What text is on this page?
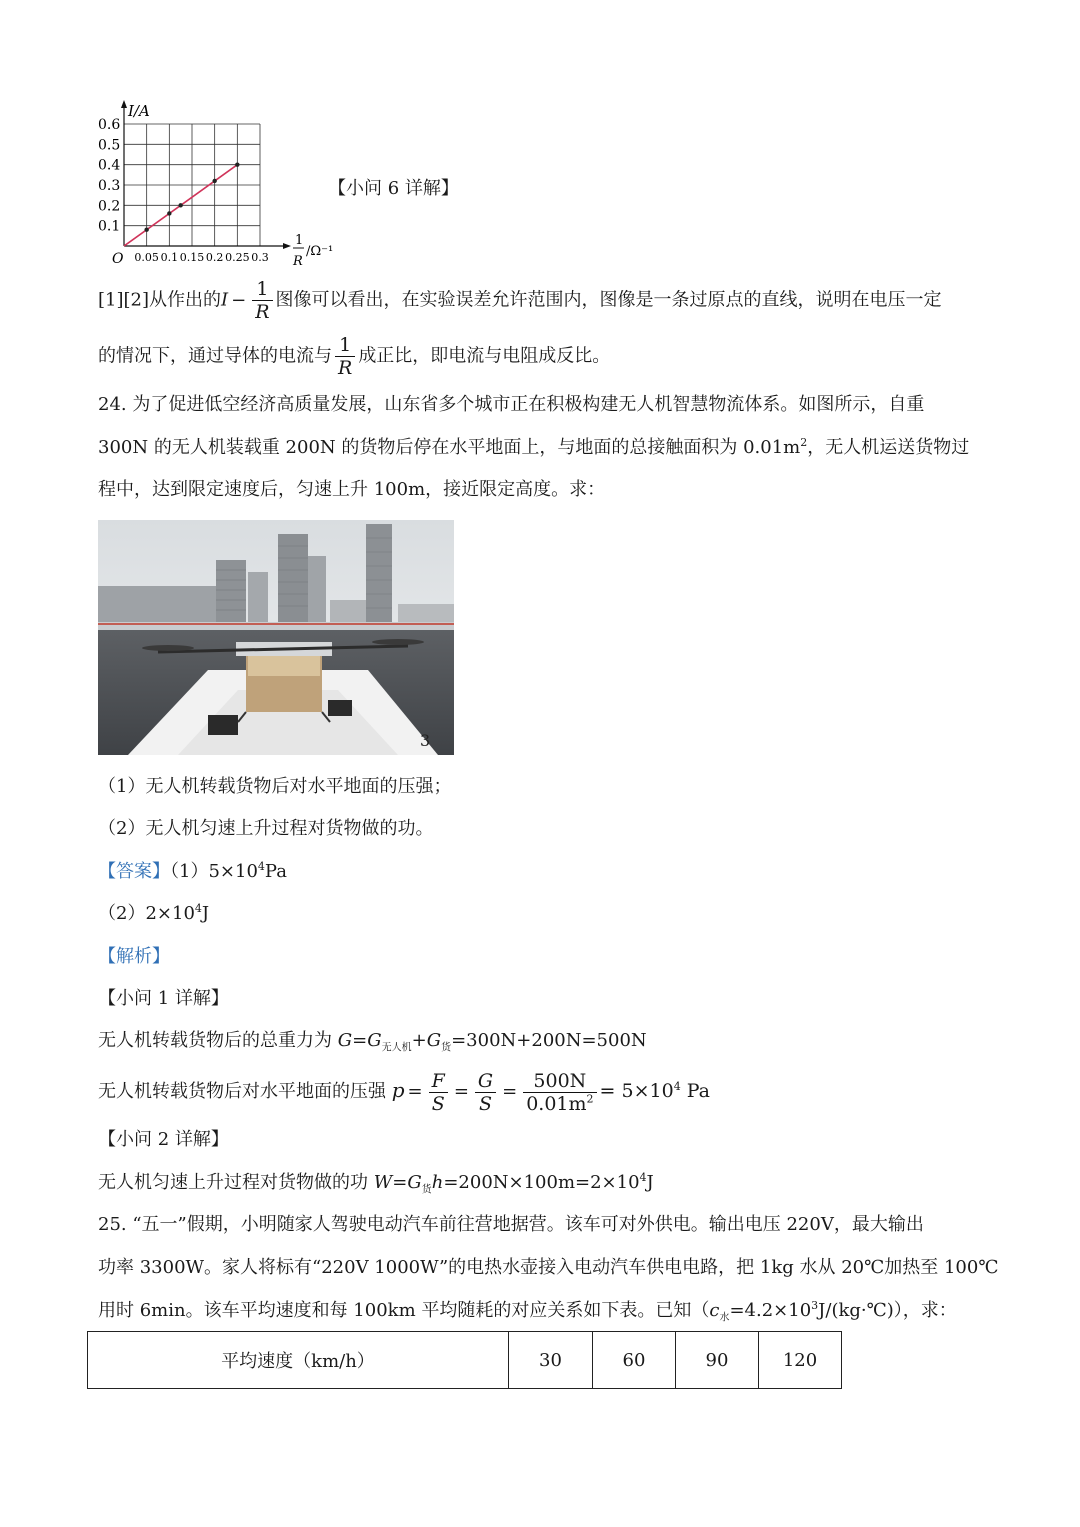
0.1
0.2
0.3
0.4
0.5
0.6
0.05 0.1 0.15 0.2 0.25 0.3
I/A
O
1
R
/Ω⁻¹
【小问 6 详解】
[1][2]从作出的$I - \frac{1}{R}$ 图像可以看出，在实验误差允许范围内，图像是一条过原点的直线，说明在电压一定
的情况下，通过导体的电流与 $\frac{1}{R}$ 成正比，即电流与电阻成反比。
24. 为了促进低空经济高质量发展，山东省多个城市正在积极构建无人机智慧物流体系。如图所示，自重
300N 的无人机装载重 200N 的货物后停在水平地面上，与地面的总接触面积为 $0.01m^2$，无人机运送货物过
程中，达到限定速度后，匀速上升 100m，接近限定高度。求：
3
（1）无人机转载货物后对水平地面的压强；
（2）无人机匀速上升过程对货物做的功。
【答案】$(1)5\times 10^4Pa$
$(2)2\times 10^4J$
【解析】
【小问 1 详解】
无人机转载货物后的总重力为 $G=G_{无人机}+G_货=300N+200N=500N$
无人机转载货物后对水平地面的压强 $p = \frac{F}{S} = \frac{G}{S} = \frac{500N}{0.01m^2} = 5\times 10^4$ Pa
【小问 2 详解】
无人机匀速上升过程对货物做的功 $W=G_货h=200N\times 100m=2\times 10^4J$
25. “五一”假期，小明随家人驾驶电动汽车前往营地据营。该车可对外供电。输出电压 220V，最大输出
功率 3300W。家人将标有“220V 1000W”的电热水壶接入电动汽车供电电路，把 1kg 水从 20℃加热至 100℃
用时 6min。该车平均速度和每 100km 平均随耗的对应关系如下表。已知$(c_水=4.2\times 10^3J/(kg\cdot℃))$，求：
平均速度（km/h）	30	60	90	120
